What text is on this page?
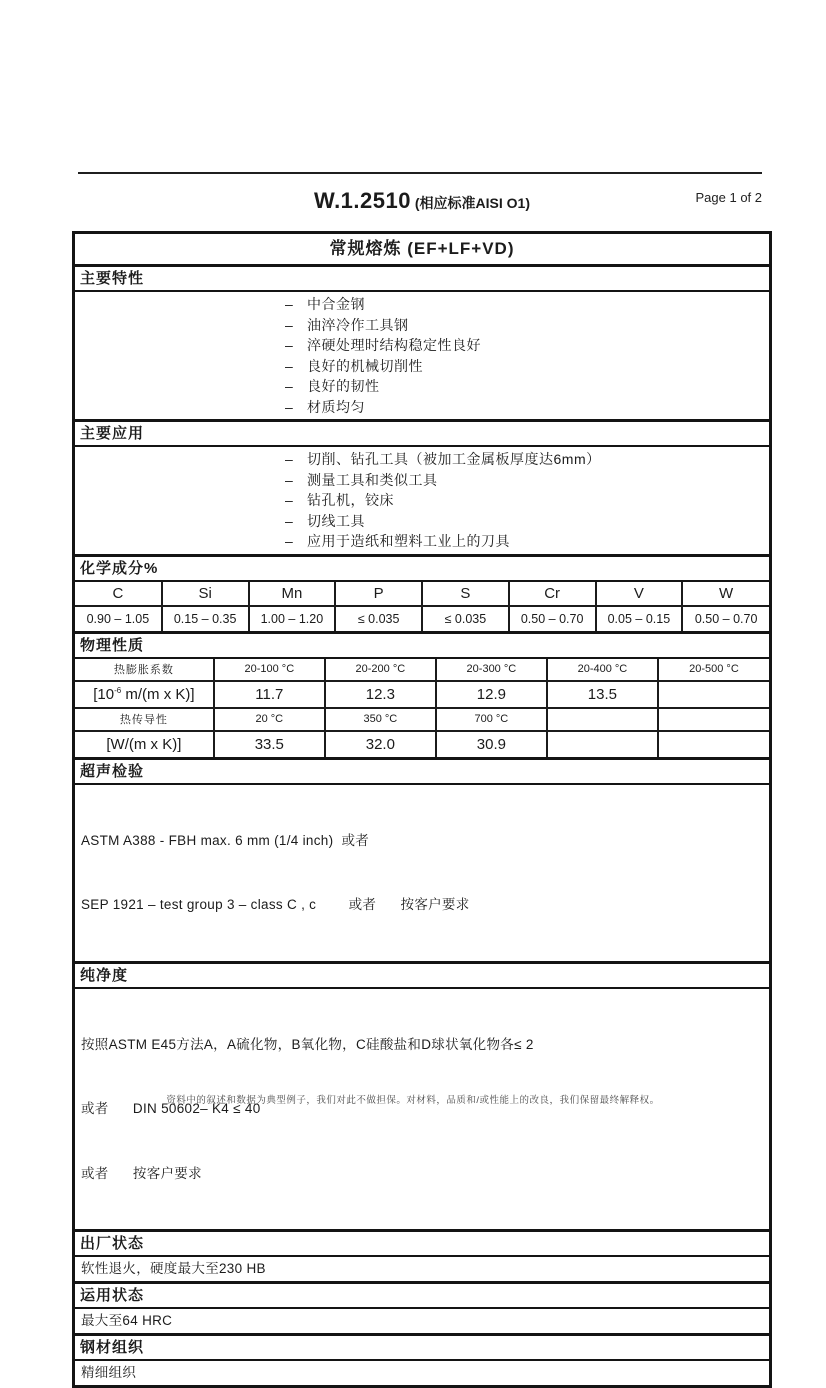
W.1.2510 (相应标准AISI O1)	Page 1 of 2
常规熔炼 (EF+LF+VD)
主要特性
– 中合金钢
– 油淬冷作工具钢
– 淬硬处理时结构稳定性良好
– 良好的机械切削性
– 良好的韧性
– 材质均匀
主要应用
– 切削、钻孔工具（被加工金属板厚度达6mm）
– 测量工具和类似工具
– 钻孔机，铰床
– 切线工具
– 应用于造纸和塑料工业上的刀具
化学成分%
C	Si	Mn	P	S	Cr	V	W
0.90 – 1.05	0.15 – 0.35	1.00 – 1.20	≤ 0.035	≤ 0.035	0.50 – 0.70	0.05 – 0.15	0.50 – 0.70
物理性质
热膨胀系数	20-100 °C	20-200 °C	20-300 °C	20-400 °C	20-500 °C
[$10^{-6}$ m/(m x K)]	11.7	12.3	12.9	13.5	
热传导性	20 °C	350 °C	700 °C		
[W/(m x K)]	33.5	32.0	30.9		
超声检验

ASTM A388 - FBH max. 6 mm (1/4 inch)  或者

SEP 1921 – test group 3 – class C , c        或者      按客户要求

纯净度

按照ASTM E45方法A，A硫化物，B氧化物，C硅酸盐和D球状氧化物各≤ 2

或者      DIN 50602– K4 ≤ 40

或者      按客户要求

出厂状态
软性退火，硬度最大至230 HB
运用状态
最大至64 HRC
钢材组织
精细组织
资料中的叙述和数据为典型例子，我们对此不做担保。对材料，品质和/或性能上的改良，我们保留最终解释权。
